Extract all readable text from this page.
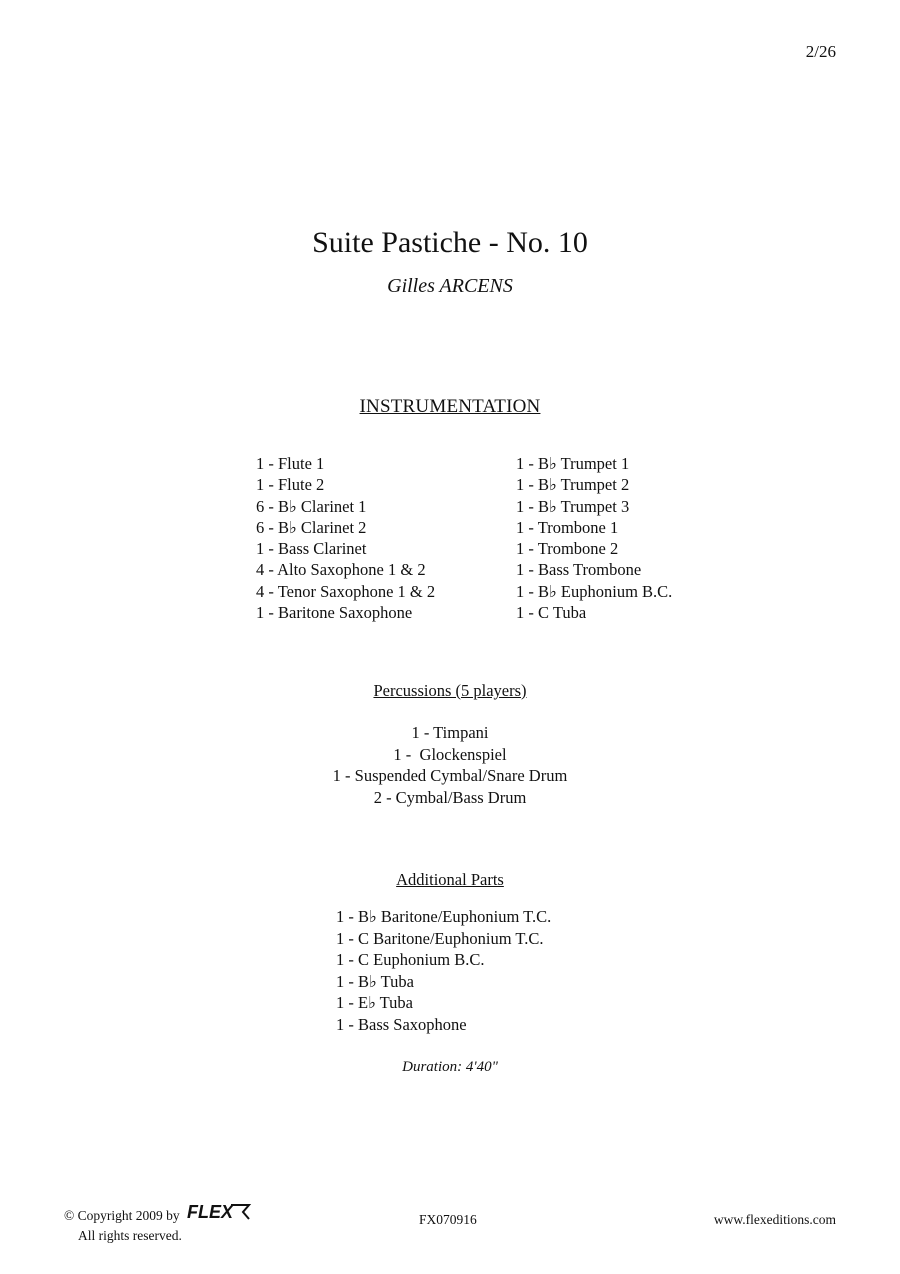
2/26
Suite Pastiche - No. 10
Gilles ARCENS
INSTRUMENTATION
1 - Flute 1
1 - Flute 2
6 - B♭ Clarinet 1
6 - B♭ Clarinet 2
1 - Bass Clarinet
4 - Alto Saxophone 1 & 2
4 - Tenor Saxophone 1 & 2
1 - Baritone Saxophone
1 - B♭ Trumpet 1
1 - B♭ Trumpet 2
1 - B♭ Trumpet 3
1 - Trombone 1
1 - Trombone 2
1 - Bass Trombone
1 - B♭ Euphonium B.C.
1 - C Tuba
Percussions (5 players)
1 - Timpani
1 -  Glockenspiel
1 - Suspended Cymbal/Snare Drum
2 - Cymbal/Bass Drum
Additional Parts
1 - B♭ Baritone/Euphonium T.C.
1 - C Baritone/Euphonium T.C.
1 - C Euphonium B.C.
1 - B♭ Tuba
1 - E♭ Tuba
1 - Bass Saxophone
Duration: 4'40"
© Copyright 2009 by FLEX
All rights reserved.
FX070916	www.flexeditions.com
